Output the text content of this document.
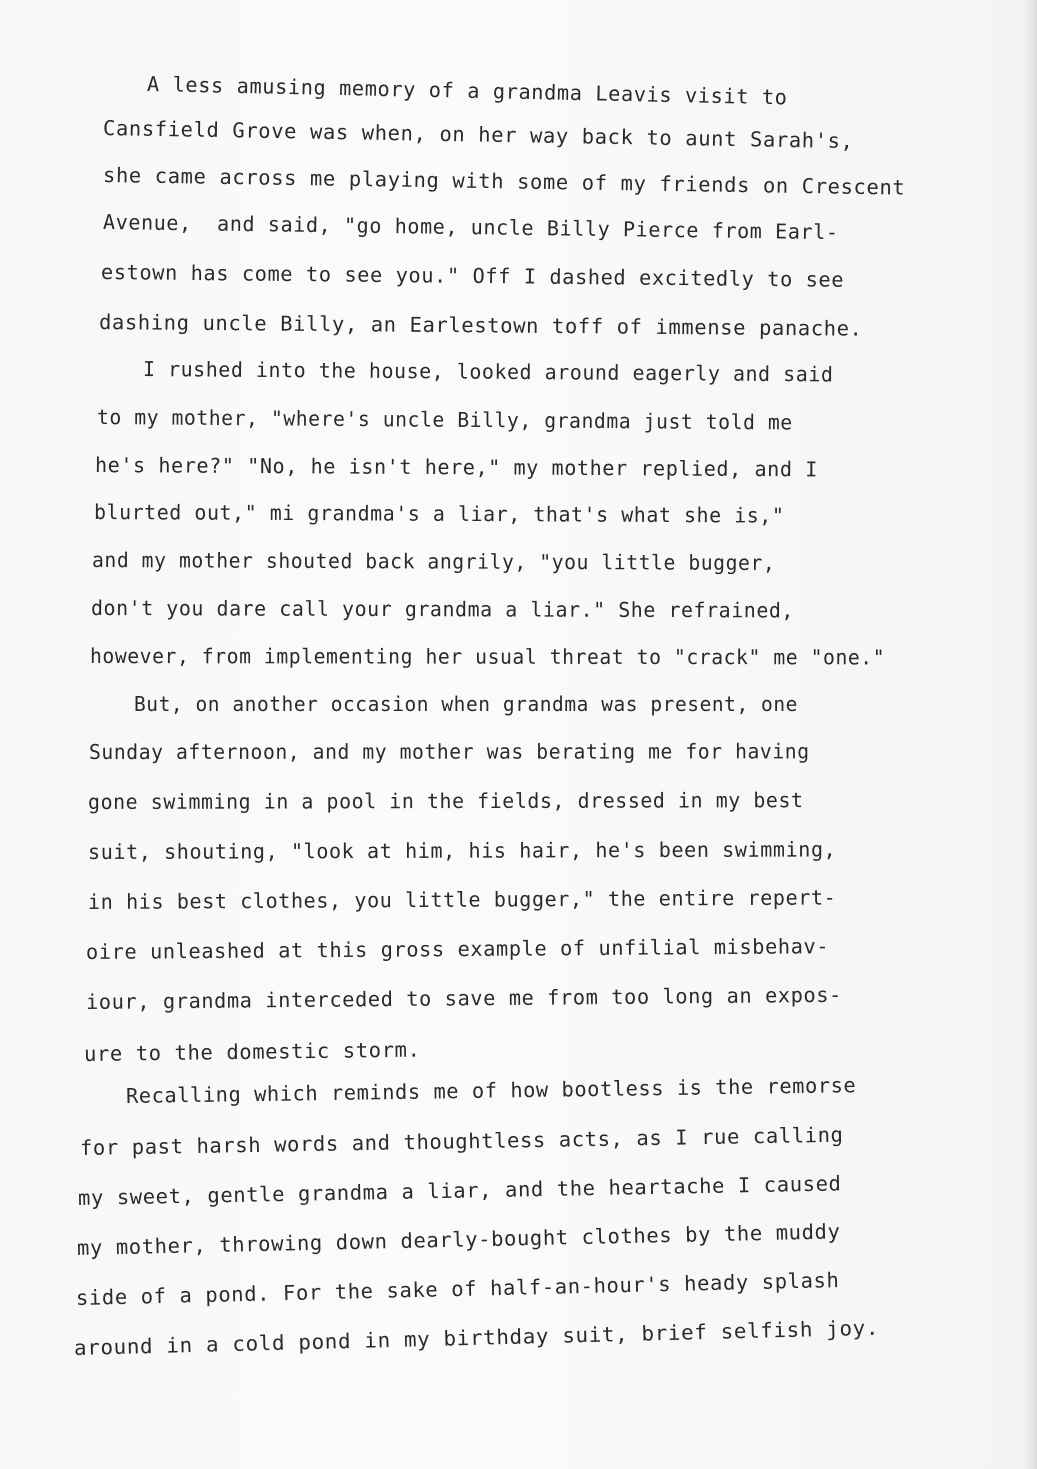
A less amusing memory of a grandma Leavis visit to

Cansfield Grove was when, on her way back to aunt Sarah's,

she came across me playing with some of my friends on Crescent

Avenue,  and said, "go home, uncle Billy Pierce from Earl-

estown has come to see you." Off I dashed excitedly to see

dashing uncle Billy, an Earlestown toff of immense panache.

I rushed into the house, looked around eagerly and said

to my mother, "where's uncle Billy, grandma just told me

he's here?" "No, he isn't here," my mother replied, and I

blurted out," mi grandma's a liar, that's what she is,"

and my mother shouted back angrily, "you little bugger,

don't you dare call your grandma a liar." She refrained,

however, from implementing her usual threat to "crack" me "one."

But, on another occasion when grandma was present, one

Sunday afternoon, and my mother was berating me for having

gone swimming in a pool in the fields, dressed in my best

suit, shouting, "look at him, his hair, he's been swimming,

in his best clothes, you little bugger," the entire repert-

oire unleashed at this gross example of unfilial misbehav-

iour, grandma interceded to save me from too long an expos-

ure to the domestic storm.

Recalling which reminds me of how bootless is the remorse

for past harsh words and thoughtless acts, as I rue calling

my sweet, gentle grandma a liar, and the heartache I caused

my mother, throwing down dearly-bought clothes by the muddy

side of a pond. For the sake of half-an-hour's heady splash

around in a cold pond in my birthday suit, brief selfish joy.
